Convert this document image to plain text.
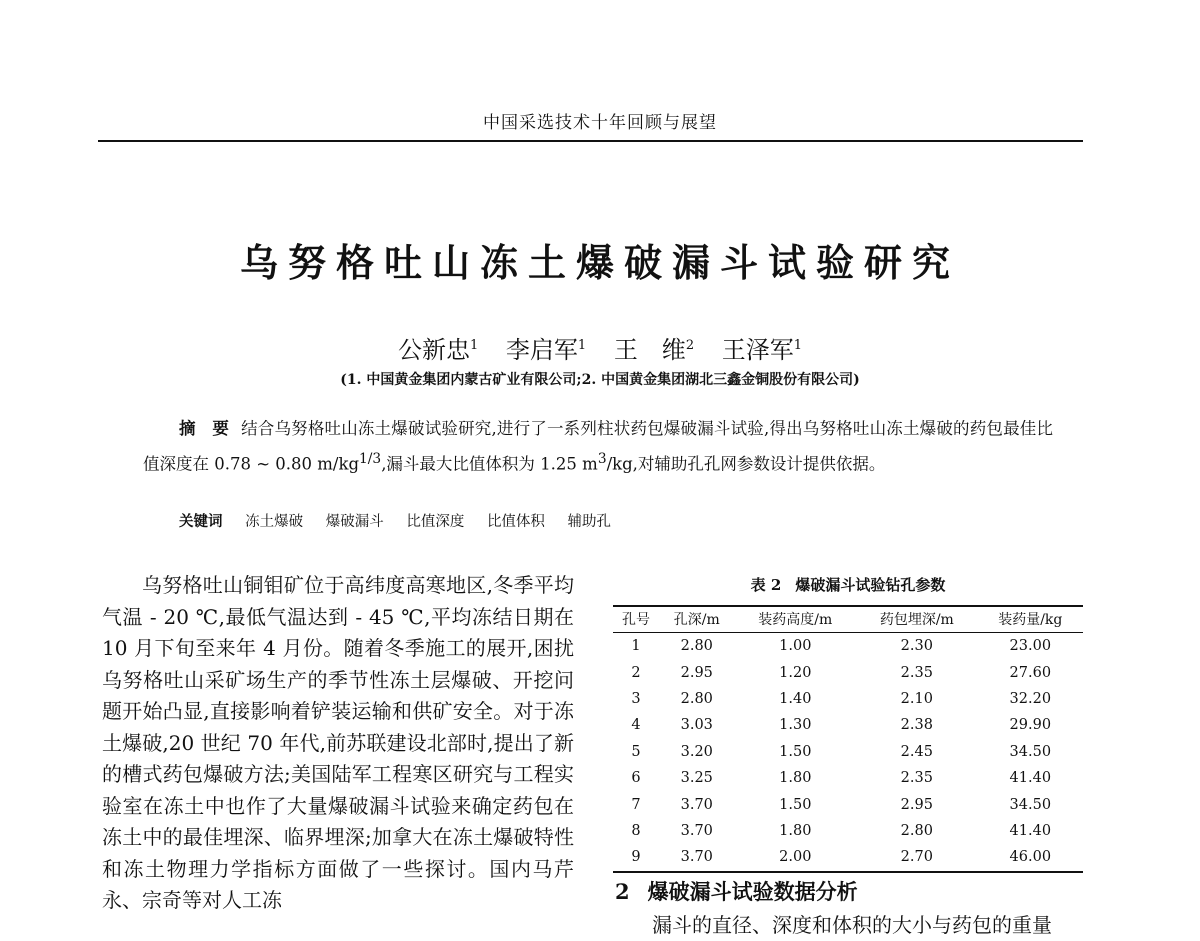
中国采选技术十年回顾与展望
乌努格吐山冻土爆破漏斗试验研究
公新忠$^1$ 李启军$^1$ 王　维$^2$ 王泽军$^1$
(1. 中国黄金集团内蒙古矿业有限公司;2. 中国黄金集团湖北三鑫金铜股份有限公司)
摘　要 结合乌努格吐山冻土爆破试验研究,进行了一系列柱状药包爆破漏斗试验,得出乌努格吐山冻土爆破的药包最佳比值深度在 0.78 ~ 0.80 $m/kg^{1/3}$,漏斗最大比值体积为 1.25 $m^3/kg$,对辅助孔孔网参数设计提供依据。
关键词 冻土爆破 爆破漏斗 比值深度 比值体积 辅助孔
乌努格吐山铜钼矿位于高纬度高寒地区,冬季平均气温 - 20 ℃,最低气温达到 - 45 ℃,平均冻结日期在 10 月下旬至来年 4 月份。随着冬季施工的展开,困扰乌努格吐山采矿场生产的季节性冻土层爆破、开挖问题开始凸显,直接影响着铲装运输和供矿安全。对于冻土爆破,20 世纪 70 年代,前苏联建设北部时,提出了新的槽式药包爆破方法;美国陆军工程寒区研究与工程实验室在冻土中也作了大量爆破漏斗试验来确定药包在冻土中的最佳埋深、临界埋深;加拿大在冻土爆破特性和冻土物理力学指标方面做了一些探讨。国内马芹永、宗奇等对人工冻
表 2 爆破漏斗试验钻孔参数
孔号	孔深/m	装药高度/m	药包埋深/m	装药量/kg
1	2.80	1.00	2.30	23.00
2	2.95	1.20	2.35	27.60
3	2.80	1.40	2.10	32.20
4	3.03	1.30	2.38	29.90
5	3.20	1.50	2.45	34.50
6	3.25	1.80	2.35	41.40
7	3.70	1.50	2.95	34.50
8	3.70	1.80	2.80	41.40
9	3.70	2.00	2.70	46.00
2 爆破漏斗试验数据分析
漏斗的直径、深度和体积的大小与药包的重量
